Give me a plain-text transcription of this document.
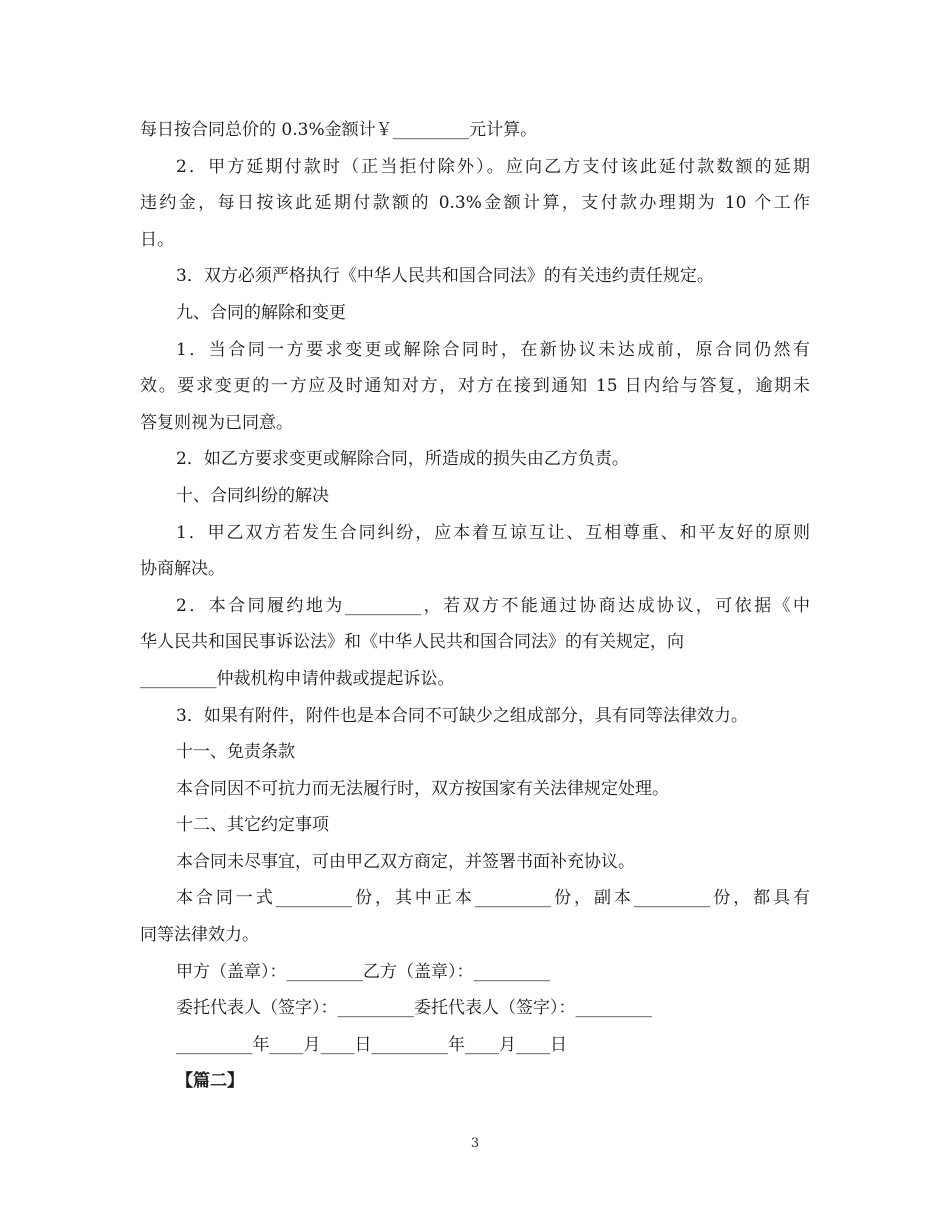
每日按合同总价的 0.3%金额计￥_________元计算。
2．甲方延期付款时（正当拒付除外）。应向乙方支付该此延付款数额的延期
违约金，每日按该此延期付款额的 0.3%金额计算，支付款办理期为 10 个工作
日。
3．双方必须严格执行《中华人民共和国合同法》的有关违约责任规定。
九、合同的解除和变更
1．当合同一方要求变更或解除合同时，在新协议未达成前，原合同仍然有
效。要求变更的一方应及时通知对方，对方在接到通知 15 日内给与答复，逾期未
答复则视为已同意。
2．如乙方要求变更或解除合同，所造成的损失由乙方负责。
十、合同纠纷的解决
1．甲乙双方若发生合同纠纷，应本着互谅互让、互相尊重、和平友好的原则
协商解决。
2．本合同履约地为_________，若双方不能通过协商达成协议，可依据《中
华人民共和国民事诉讼法》和《中华人民共和国合同法》的有关规定，向
_________仲裁机构申请仲裁或提起诉讼。
3．如果有附件，附件也是本合同不可缺少之组成部分，具有同等法律效力。
十一、免责条款
本合同因不可抗力而无法履行时，双方按国家有关法律规定处理。
十二、其它约定事项
本合同未尽事宜，可由甲乙双方商定，并签署书面补充协议。
本合同一式_________份，其中正本_________份，副本_________份，都具有
同等法律效力。
甲方（盖章）：_________乙方（盖章）：_________
委托代表人（签字）：_________委托代表人（签字）：_________
_________年____月____日_________年____月____日
【篇二】
3
